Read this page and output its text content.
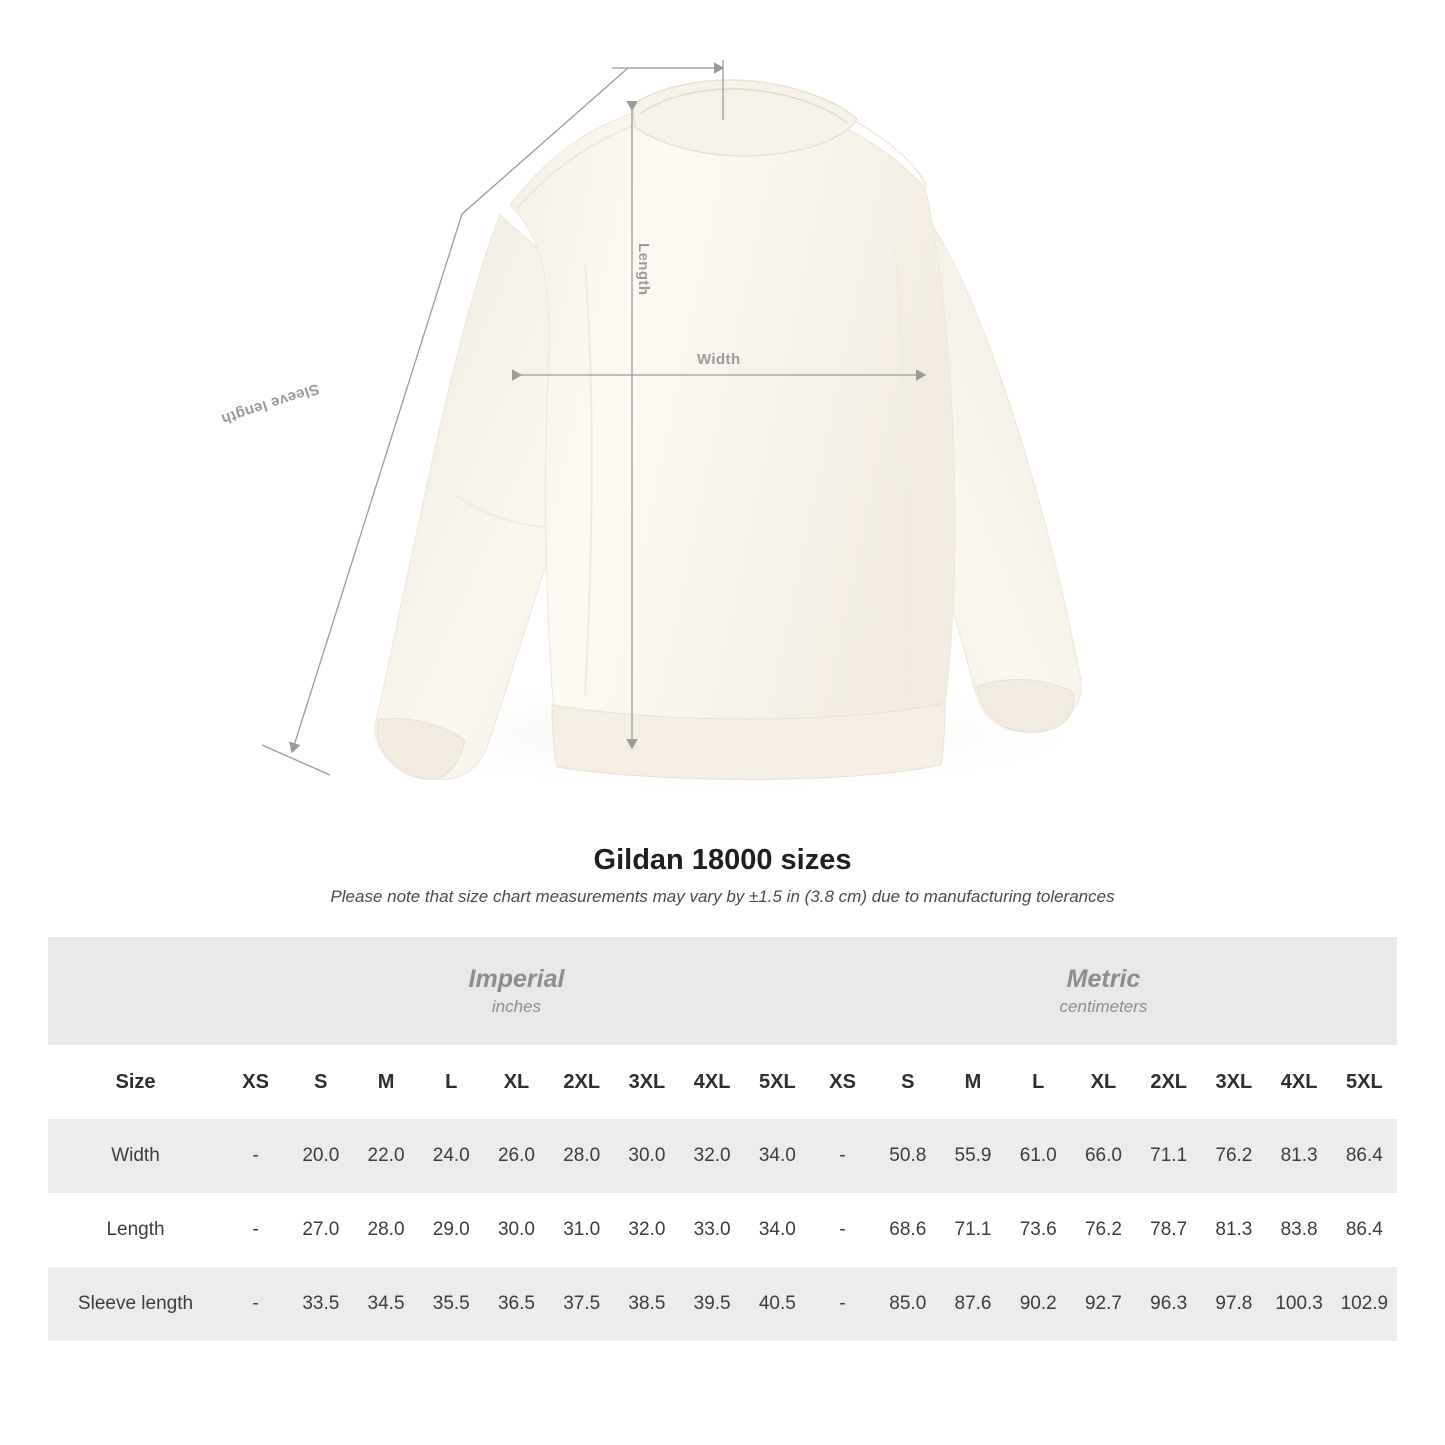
Width
Length
Sleeve length
Gildan 18000 sizes

Please note that size chart measurements may vary by ±1.5 in (3.8 cm) due to manufacturing tolerances

Imperial
inches

Metric
centimeters

Size	XS	S	M	L	XL	2XL	3XL	4XL	5XL	XS	S	M	L	XL	2XL	3XL	4XL	5XL
Width	-	20.0	22.0	24.0	26.0	28.0	30.0	32.0	34.0	-	50.8	55.9	61.0	66.0	71.1	76.2	81.3	86.4
Length	-	27.0	28.0	29.0	30.0	31.0	32.0	33.0	34.0	-	68.6	71.1	73.6	76.2	78.7	81.3	83.8	86.4
Sleeve length	-	33.5	34.5	35.5	36.5	37.5	38.5	39.5	40.5	-	85.0	87.6	90.2	92.7	96.3	97.8	100.3	102.9
